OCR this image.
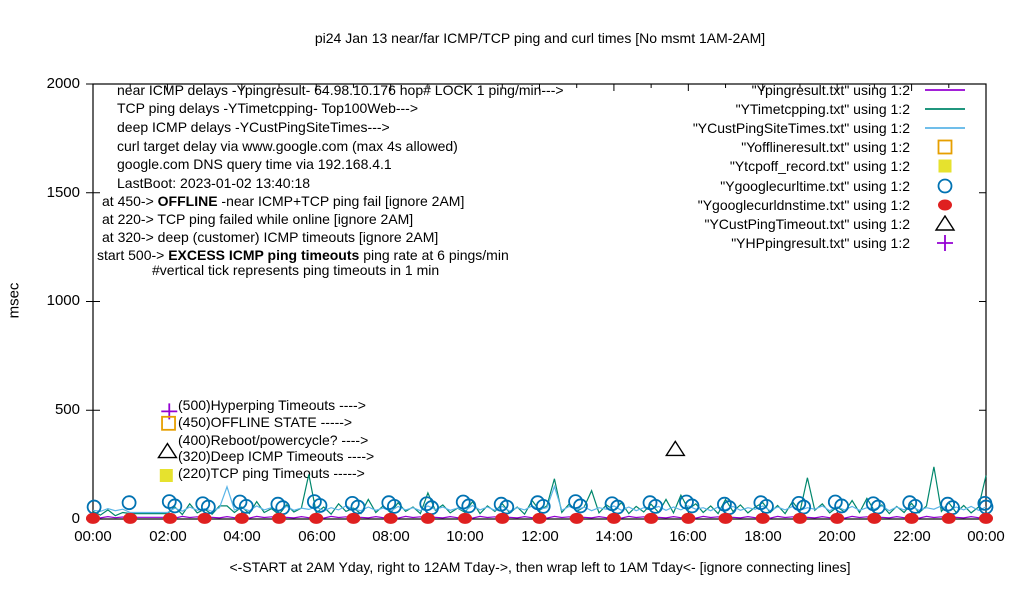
pi24 Jan 13 near/far ICMP/TCP ping and curl times [No msmt 1AM-2AM]
msec
0
500
1000
1500
2000
00:00	02:00	04:00	06:00	08:00	10:00	12:00	14:00	16:00	18:00	20:00	22:00	00:00
near ICMP delays -Ypingresult- 64.98.10.176 hop# LOCK 1 ping/min--->
TCP ping delays -YTimetcpping- Top100Web--->
deep ICMP delays -YCustPingSiteTimes--->
curl target delay via www.google.com (max 4s allowed)
google.com DNS query time via 192.168.4.1
LastBoot: 2023-01-02 13:40:18
at 450-> OFFLINE -near ICMP+TCP ping fail [ignore 2AM]
at 220-> TCP ping failed while online [ignore 2AM]
at 320-> deep (customer) ICMP timeouts [ignore 2AM]
start 500-> EXCESS ICMP ping timeouts ping rate at 6 pings/min
#vertical tick represents ping timeouts in 1 min
"Ypingresult.txt" using 1:2
"YTimetcpping.txt" using 1:2
"YCustPingSiteTimes.txt" using 1:2
"Yofflineresult.txt" using 1:2
"Ytcpoff_record.txt" using 1:2
"Ygooglecurltime.txt" using 1:2
"Ygooglecurldnstime.txt" using 1:2
"YCustPingTimeout.txt" using 1:2
"YHPpingresult.txt" using 1:2
(500)Hyperping Timeouts ---->
(450)OFFLINE STATE ----->
(400)Reboot/powercycle? ---->
(320)Deep ICMP Timeouts ---->
(220)TCP ping Timeouts ----->
<-START at 2AM Yday, right to 12AM Tday->, then wrap left to 1AM Tday<- [ignore connecting lines]
